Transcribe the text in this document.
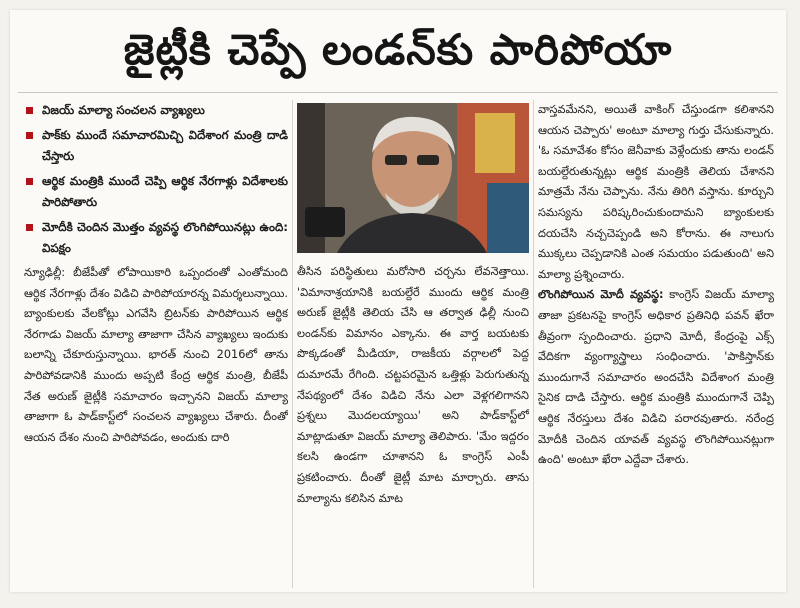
జైట్లీకి చెప్పే లండన్‌కు పారిపోయా
విజయ్ మాల్యా సంచలన వ్యాఖ్యలు
పాక్‌కు ముందే సమాచారమిచ్చి విదేశాంగ మంత్రి దాడి చేస్తారు
ఆర్థిక మంత్రికి ముందే చెప్పి ఆర్థిక నేరగాళ్లు విదేశాలకు పారిపోతారు
మోదీకి చెందిన మొత్తం వ్యవస్థ లొంగిపోయినట్లు ఉంది: విపక్షం

న్యూఢిల్లీ: బీజేపీతో లోపాయికారి ఒప్పందంతో ఎంతోమంది ఆర్థిక నేరగాళ్లు దేశం విడిచి పారిపోయారన్న విమర్శలున్నాయి. బ్యాంకులకు వేలకోట్లు ఎగవేసి బ్రిటన్‌కు పారిపోయిన ఆర్థిక నేరగాడు విజయ్ మాల్యా తాజాగా చేసిన వ్యాఖ్యలు ఇందుకు బలాన్ని చేకూరుస్తున్నాయి. భారత్ నుంచి 2016లో తాను పారిపోవడానికి ముందు అప్పటి కేంద్ర ఆర్థిక మంత్రి, బీజేపీ నేత అరుణ్ జైట్లీకి సమాచారం ఇచ్చానని విజయ్ మాల్యా తాజాగా ఓ పాడ్‌కాస్ట్‌లో సంచలన వ్యాఖ్యలు చేశారు. దీంతో ఆయన దేశం నుంచి పారిపోవడం, అందుకు దారి

తీసిన పరిస్థితులు మరోసారి చర్చను లేవనెత్తాయి. 'విమానాశ్రయానికి బయల్దేరే ముందు ఆర్థిక మంత్రి అరుణ్ జైట్లీకి తెలియ చేసి ఆ తర్వాత ఢిల్లీ నుంచి లండన్‌కు విమానం ఎక్కాను. ఈ వార్త బయటకు పొక్కడంతో మీడియా, రాజకీయ వర్గాలలో పెద్ద దుమారమే రేగింది. చట్టపరమైన ఒత్తిళ్లు పెరుగుతున్న నేపథ్యంలో దేశం విడిచి నేను ఎలా వెళ్లగలిగానని ప్రశ్నలు మొదలయ్యాయి' అని పాడ్‌కాస్ట్‌లో మాట్లాడుతూ విజయ్ మాల్యా తెలిపారు. 'మేం ఇద్దరం కలసి ఉండగా చూశానని ఓ కాంగ్రెస్ ఎంపీ ప్రకటించారు. దీంతో జైట్లీ మాట మార్చారు. తాను మాల్యాను కలిసిన మాట

వాస్తవమేనని, అయితే వాకింగ్ చేస్తుండగా కలిశానని ఆయన చెప్పారు' అంటూ మాల్యా గుర్తు చేసుకున్నారు. 'ఓ సమావేశం కోసం జెనీవాకు వెళ్లేందుకు తాను లండన్ బయల్దేరుతున్నట్లు ఆర్థిక మంత్రికి తెలియ చేశానని మాత్రమే నేను చెప్పాను. నేను తిరిగి వస్తాను. కూర్చుని సమస్యను పరిష్కరించుకుందామని బ్యాంకులకు దయచేసి నచ్చచెప్పండి అని కోరాను. ఈ నాలుగు ముక్కలు చెప్పడానికి ఎంత సమయం పడుతుంది' అని మాల్యా ప్రశ్నించారు.

లొంగిపోయిన మోదీ వ్యవస్థ: కాంగ్రెస్ విజయ్ మాల్యా తాజా ప్రకటనపై కాంగ్రెస్ అధికార ప్రతినిధి పవన్ ఖేరా తీవ్రంగా స్పందించారు. ప్రధాని మోదీ, కేంద్రంపై ఎక్స్ వేదికగా వ్యంగ్యాస్త్రాలు సంధించారు. 'పాకిస్తాన్‌కు ముందుగానే సమాచారం అందచేసి విదేశాంగ మంత్రి సైనిక దాడి చేస్తారు. ఆర్థిక మంత్రికి ముందుగానే చెప్పి ఆర్థిక నేరస్తులు దేశం విడిచి పరారవుతారు. నరేంద్ర మోదీకి చెందిన యావత్ వ్యవస్థ లొంగిపోయినట్లుగా ఉంది' అంటూ ఖేరా ఎద్దేవా చేశారు.
